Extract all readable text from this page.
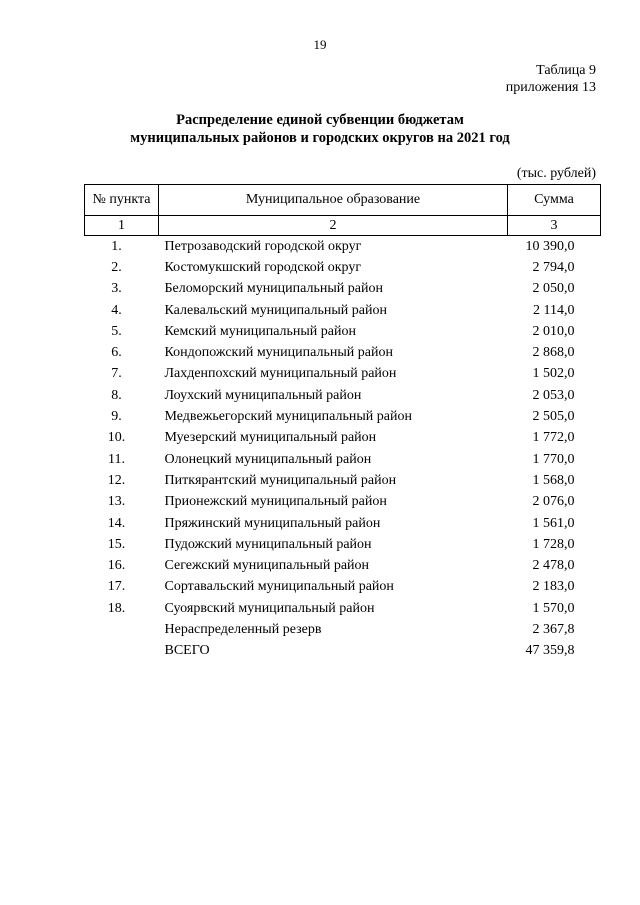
19
Таблица 9
приложения 13
Распределение единой субвенции бюджетам
муниципальных районов и городских округов на 2021 год
(тыс. рублей)
№ пункта	Муниципальное образование	Сумма
1	2	3
1.	Петрозаводский городской округ	10 390,0
2.	Костомукшский городской округ	2 794,0
3.	Беломорский муниципальный район	2 050,0
4.	Калевальский муниципальный район	2 114,0
5.	Кемский муниципальный район	2 010,0
6.	Кондопожский муниципальный район	2 868,0
7.	Лахденпохский муниципальный район	1 502,0
8.	Лоухский муниципальный район	2 053,0
9.	Медвежьегорский муниципальный район	2 505,0
10.	Муезерский муниципальный район	1 772,0
11.	Олонецкий муниципальный район	1 770,0
12.	Питкярантский муниципальный район	1 568,0
13.	Прионежский муниципальный район	2 076,0
14.	Пряжинский муниципальный район	1 561,0
15.	Пудожский муниципальный район	1 728,0
16.	Сегежский муниципальный район	2 478,0
17.	Сортавальский муниципальный район	2 183,0
18.	Суоярвский муниципальный район	1 570,0
	Нераспределенный резерв	2 367,8
	ВСЕГО	47 359,8
